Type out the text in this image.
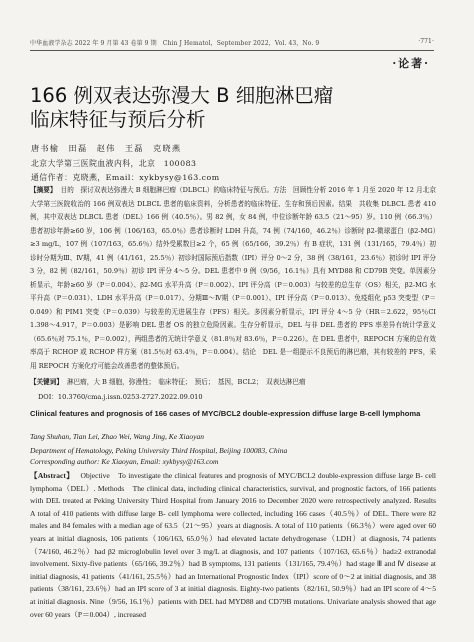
中华血液学杂志 2022 年 9 月第 43 卷第 9 期　Chin J Hematol，September 2022，Vol. 43，No. 9	·771·
·论著·
166 例双表达弥漫大 B 细胞淋巴瘤
临床特征与预后分析
唐书榆　田磊　赵伟　王磊　克晓燕
北京大学第三医院血液内科，北京　100083
通信作者：克晓燕，Email：xykbysy@163.com
【摘要】 目的　探讨双表达弥漫大 B 细胞淋巴瘤（DLBCL）的临床特征与预后。方法　回顾性分析 2016 年 1 月至 2020 年 12 月北京大学第三医院收治的 166 例双表达 DLBCL 患者的临床资料，分析患者的临床特征、生存和预后因素。结果　共收集 DLBCL 患者 410 例，其中双表达 DLBCL 患者（DEL）166 例（40.5％）。男 82 例，女 84 例，中位诊断年龄 63.5（21～95）岁。110 例（66.3％）患者初诊年龄≥60 岁，106 例（106/163，65.0％）患者诊断时 LDH 升高，74 例（74/160，46.2％）诊断时 β2-微球蛋白（β2-MG）≥3 mg/L，107 例（107/163，65.6％）结外受累数目≥2 个，65 例（65/166，39.2％）有 B 症状，131 例（131/165，79.4％）初诊时分期为Ⅲ、Ⅳ期，41 例（41/161，25.5％）初诊时国际预后指数（IPI）评分 0～2 分，38 例（38/161，23.6％）初诊时 IPI 评分 3 分，82 例（82/161，50.9％）初诊 IPI 评分 4～5 分。DEL 患者中 9 例（9/56，16.1％）具有 MYD88 和 CD79B 突变。单因素分析显示，年龄≥60 岁（P＝0.004）、β2-MG 水平升高（P＝0.002）、IPI 评分高（P＝0.003）与较差的总生存（OS）相关，β2-MG 水平升高（P＝0.031）、LDH 水平升高（P＝0.017）、分期Ⅲ～Ⅳ期（P＝0.001）、IPI 评分高（P＝0.013）、免疫组化 p53 突变型（P＝0.049）和 PIM1 突变（P＝0.039）与较差的无进展生存（PFS）相关。多因素分析显示，IPI 评分 4～5 分（HR＝2.622，95％CI 1.398～4.917，P＝0.003）是影响 DEL 患者 OS 的独立危险因素。生存分析显示，DEL 与非 DEL 患者的 PFS 率差异有统计学意义（65.6％对 75.1％，P＝0.002），两组患者的无统计学意义（81.8％对 83.6％，P＝0.226）。在 DEL 患者中，REPOCH 方案的总有效率高于 RCHOP 或 RCHOP 样方案（81.5％对 63.4％，P＝0.004）。结论　DEL 是一组提示不良预后的淋巴瘤，其有较差的 PFS，采用 REPOCH 方案化疗可能会改善患者的整体预后。
【关键词】 淋巴瘤，大 B 细胞，弥漫性；　临床特征；　预后；　基因，BCL2；　双表达淋巴瘤
DOI：10.3760/cma.j.issn.0253-2727.2022.09.010
Clinical features and prognosis of 166 cases of MYC/BCL2 double-expression diffuse large B-cell lymphoma
Tang Shuhan, Tian Lei, Zhao Wei, Wang Jing, Ke Xiaoyan
Department of Hematology, Peking University Third Hospital, Beijing 100083, China
Corresponding author: Ke Xiaoyan, Email: xykbysy@163.com
【Abstract】 Objective　To investigate the clinical features and prognosis of MYC/BCL2 double-expression diffuse large B- cell lymphoma（DEL）. Methods　The clinical data, including clinical characteristics, survival, and prognostic factors, of 166 patients with DEL treated at Peking University Third Hospital from January 2016 to December 2020 were retrospectively analyzed. Results　A total of 410 patients with diffuse large B- cell lymphoma were collected, including 166 cases（40.5％）of DEL. There were 82 males and 84 females with a median age of 63.5（21～95）years at diagnosis. A total of 110 patients（66.3％）were aged over 60 years at initial diagnosis, 106 patients（106/163, 65.0％）had elevated lactate dehydrogenase（LDH）at diagnosis, 74 patients（74/160, 46.2％）had β2 microglobulin level over 3 mg/L at diagnosis, and 107 patients（107/163, 65.6％）had≥2 extranodal involvement. Sixty-five patients（65/166, 39.2％）had B symptoms, 131 patients（131/165, 79.4％）had stage Ⅲ and Ⅳ disease at initial diagnosis, 41 patients（41/161, 25.5％）had an International Prognostic Index（IPI）score of 0～2 at initial diagnosis, and 38 patients（38/161, 23.6％）had an IPI score of 3 at initial diagnosis. Eighty-two patients（82/161, 50.9％）had an IPI score of 4～5 at initial diagnosis. Nine（9/56, 16.1％）patients with DEL had MYD88 and CD79B mutations. Univariate analysis showed that age over 60 years（P＝0.004）, increased
